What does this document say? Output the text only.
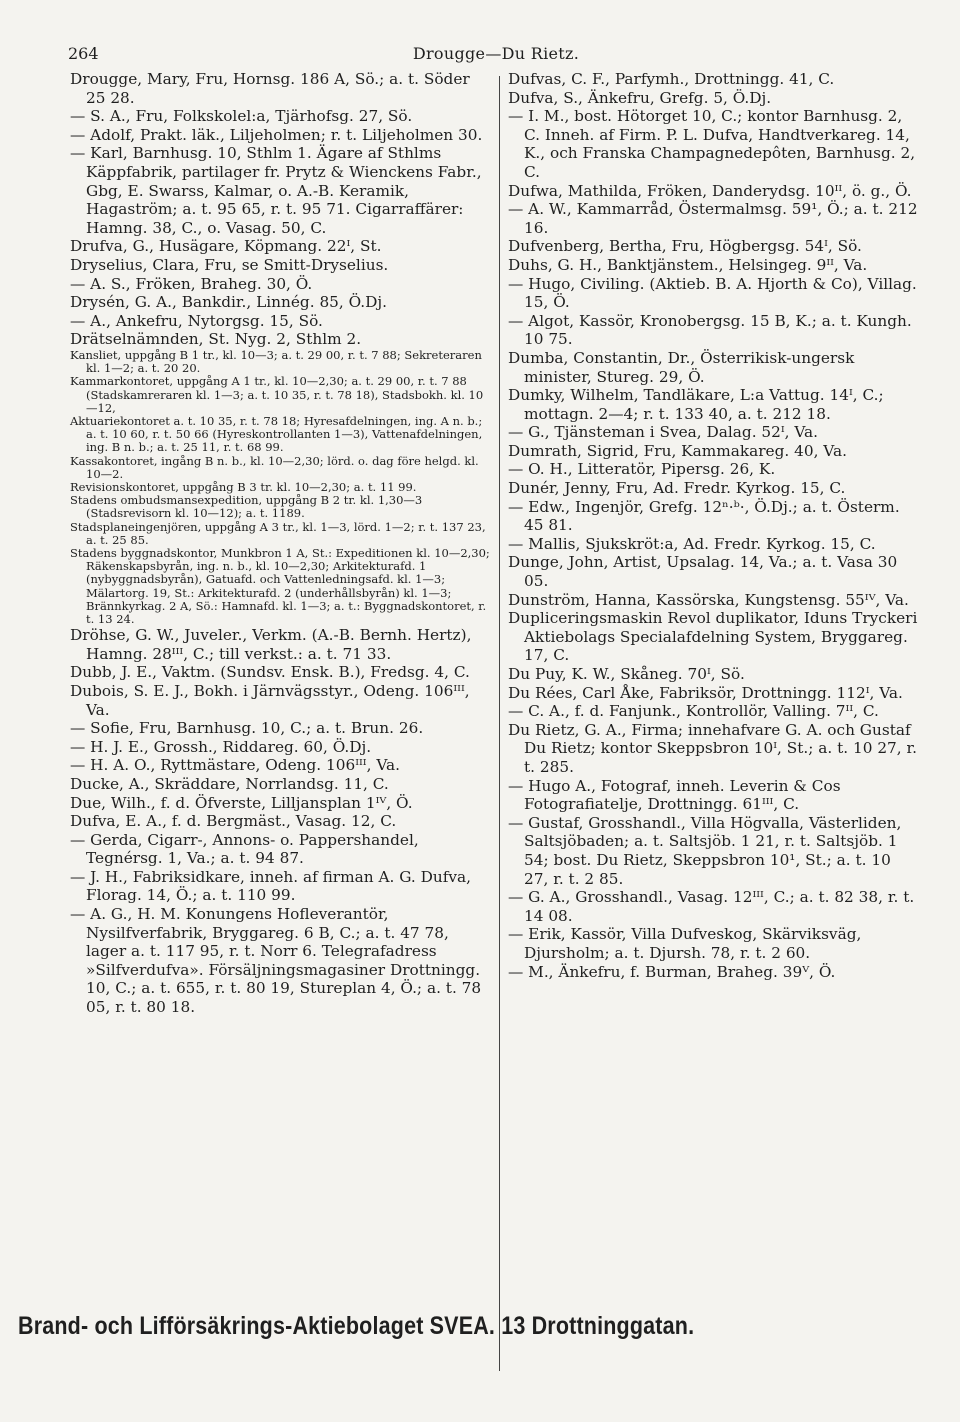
264	Drougge—Du Rietz.

Drougge, Mary, Fru, Hornsg. 186 A, Sö.; a. t. Söder 25 28.

— S. A., Fru, Folkskolel:a, Tjärhofsg. 27, Sö.

— Adolf, Prakt. läk., Liljeholmen; r. t. Liljeholmen 30.

— Karl, Barnhusg. 10, Sthlm 1. Ägare af Sthlms Käppfabrik, partilager fr. Prytz & Wienckens Fabr., Gbg, E. Swarss, Kalmar, o. A.-B. Keramik, Hagaström; a. t. 95 65, r. t. 95 71. Cigarraffärer: Hamng. 38, C., o. Vasag. 50, C.

Drufva, G., Husägare, Köpmang. 22ᴵ, St.

Dryselius, Clara, Fru, se Smitt-Dryselius.

— A. S., Fröken, Braheg. 30, Ö.

Drysén, G. A., Bankdir., Linnég. 85, Ö.Dj.

— A., Ankefru, Nytorgsg. 15, Sö.

Drätselnämnden, St. Nyg. 2, Sthlm 2.

Kansliet, uppgång B 1 tr., kl. 10—3; a. t. 29 00, r. t. 7 88; Sekreteraren kl. 1—2; a. t. 20 20.

Kammarkontoret, uppgång A 1 tr., kl. 10—2,30; a. t. 29 00, r. t. 7 88 (Stadskamreraren kl. 1—3; a. t. 10 35, r. t. 78 18), Stadsbokh. kl. 10—12,

Aktuariekontoret a. t. 10 35, r. t. 78 18; Hyresafdelningen, ing. A n. b.; a. t. 10 60, r. t. 50 66 (Hyreskontrollanten 1—3), Vattenafdelningen, ing. B n. b.; a. t. 25 11, r. t. 68 99.

Kassakontoret, ingång B n. b., kl. 10—2,30; lörd. o. dag före helgd. kl. 10—2.

Revisionskontoret, uppgång B 3 tr. kl. 10—2,30; a. t. 11 99.

Stadens ombudsmansexpedition, uppgång B 2 tr. kl. 1,30—3 (Stadsrevisorn kl. 10—12); a. t. 1189.

Stadsplaneingenjören, uppgång A 3 tr., kl. 1—3, lörd. 1—2; r. t. 137 23, a. t. 25 85.

Stadens byggnadskontor, Munkbron 1 A, St.: Expeditionen kl. 10—2,30; Räkenskapsbyrån, ing. n. b., kl. 10—2,30; Arkitekturafd. 1 (nybyggnadsbyrån), Gatuafd. och Vattenledningsafd. kl. 1—3; Mälartorg. 19, St.: Arkitekturafd. 2 (underhållsbyrån) kl. 1—3; Brännkyrkag. 2 A, Sö.: Hamnafd. kl. 1—3; a. t.: Byggnadskontoret, r. t. 13 24.

Dröhse, G. W., Juveler., Verkm. (A.-B. Bernh. Hertz), Hamng. 28ᴵᴵᴵ, C.; till verkst.: a. t. 71 33.

Dubb, J. E., Vaktm. (Sundsv. Ensk. B.), Fredsg. 4, C.

Dubois, S. E. J., Bokh. i Järnvägsstyr., Odeng. 106ᴵᴵᴵ, Va.

— Sofie, Fru, Barnhusg. 10, C.; a. t. Brun. 26.

— H. J. E., Grossh., Riddareg. 60, Ö.Dj.

— H. A. O., Ryttmästare, Odeng. 106ᴵᴵᴵ, Va.

Ducke, A., Skräddare, Norrlandsg. 11, C.

Due, Wilh., f. d. Öfverste, Lilljansplan 1ᴵⱽ, Ö.

Dufva, E. A., f. d. Bergmäst., Vasag. 12, C.

— Gerda, Cigarr-, Annons- o. Pappershandel, Tegnérsg. 1, Va.; a. t. 94 87.

— J. H., Fabriksidkare, inneh. af firman A. G. Dufva, Florag. 14, Ö.; a. t. 110 99.

— A. G., H. M. Konungens Hofleverantör, Nysilfverfabrik, Bryggareg. 6 B, C.; a. t. 47 78, lager a. t. 117 95, r. t. Norr 6. Telegrafadress »Silfverdufva». Försäljningsmagasiner Drottningg. 10, C.; a. t. 655, r. t. 80 19, Stureplan 4, Ö.; a. t. 78 05, r. t. 80 18.

Dufvas, C. F., Parfymh., Drottningg. 41, C.

Dufva, S., Änkefru, Grefg. 5, Ö.Dj.

— I. M., bost. Hötorget 10, C.; kontor Barnhusg. 2, C. Inneh. af Firm. P. L. Dufva, Handtverkareg. 14, K., och Franska Champagnedepôten, Barnhusg. 2, C.

Dufwa, Mathilda, Fröken, Danderydsg. 10ᴵᴵ, ö. g., Ö.

— A. W., Kammarråd, Östermalmsg. 59¹, Ö.; a. t. 212 16.

Dufvenberg, Bertha, Fru, Högbergsg. 54ᴵ, Sö.

Duhs, G. H., Banktjänstem., Helsingeg. 9ᴵᴵ, Va.

— Hugo, Civiling. (Aktieb. B. A. Hjorth & Co), Villag. 15, Ö.

— Algot, Kassör, Kronobergsg. 15 B, K.; a. t. Kungh. 10 75.

Dumba, Constantin, Dr., Österrikisk-ungersk minister, Stureg. 29, Ö.

Dumky, Wilhelm, Tandläkare, L:a Vattug. 14ᴵ, C.; mottagn. 2—4; r. t. 133 40, a. t. 212 18.

— G., Tjänsteman i Svea, Dalag. 52ᴵ, Va.

Dumrath, Sigrid, Fru, Kammakareg. 40, Va.

— O. H., Litteratör, Pipersg. 26, K.

Dunér, Jenny, Fru, Ad. Fredr. Kyrkog. 15, C.

— Edw., Ingenjör, Grefg. 12ⁿ·ᵇ·, Ö.Dj.; a. t. Österm. 45 81.

— Mallis, Sjukskröt:a, Ad. Fredr. Kyrkog. 15, C.

Dunge, John, Artist, Upsalag. 14, Va.; a. t. Vasa 30 05.

Dunström, Hanna, Kassörska, Kungstensg. 55ᴵⱽ, Va.

Dupliceringsmaskin Revol duplikator, Iduns Tryckeri Aktiebolags Specialafdelning System, Bryggareg. 17, C.

Du Puy, K. W., Skåneg. 70ᴵ, Sö.

Du Rées, Carl Åke, Fabriksör, Drottningg. 112ᴵ, Va.

— C. A., f. d. Fanjunk., Kontrollör, Valling. 7ᴵᴵ, C.

Du Rietz, G. A., Firma; innehafvare G. A. och Gustaf Du Rietz; kontor Skeppsbron 10ᴵ, St.; a. t. 10 27, r. t. 285.

— Hugo A., Fotograf, inneh. Leverin & Cos Fotografiatelje, Drottningg. 61ᴵᴵᴵ, C.

— Gustaf, Grosshandl., Villa Högvalla, Västerliden, Saltsjöbaden; a. t. Saltsjöb. 1 21, r. t. Saltsjöb. 1 54; bost. Du Rietz, Skeppsbron 10¹, St.; a. t. 10 27, r. t. 2 85.

— G. A., Grosshandl., Vasag. 12ᴵᴵᴵ, C.; a. t. 82 38, r. t. 14 08.

— Erik, Kassör, Villa Dufveskog, Skärviksväg, Djursholm; a. t. Djursh. 78, r. t. 2 60.

— M., Änkefru, f. Burman, Braheg. 39ⱽ, Ö.

Brand- och Lifförsäkrings-Aktiebolaget SVEA. 13 Drottninggatan.
